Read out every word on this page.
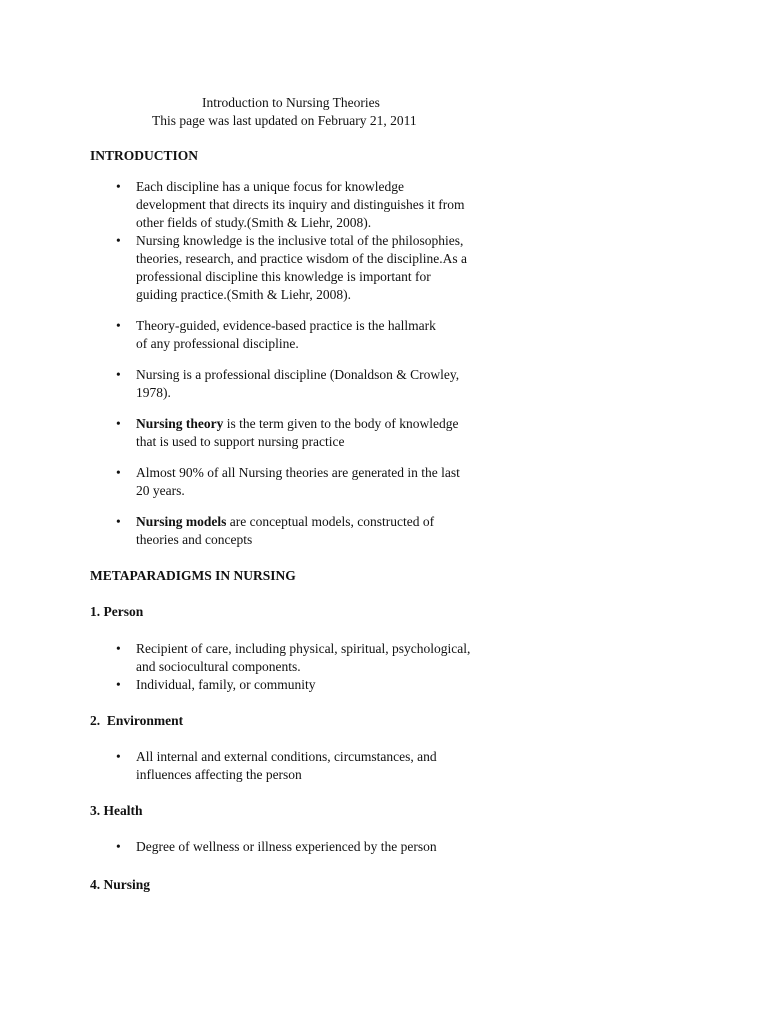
Introduction to Nursing Theories
This page was last updated on February 21, 2011
INTRODUCTION
• Each discipline has a unique focus for knowledge
development that directs its inquiry and distinguishes it from
other fields of study.(Smith & Liehr, 2008).
• Nursing knowledge is the inclusive total of the philosophies,
theories, research, and practice wisdom of the discipline.As a
professional discipline this knowledge is important for
guiding practice.(Smith & Liehr, 2008).
• Theory-guided, evidence-based practice is the hallmark
of any professional discipline.
• Nursing is a professional discipline (Donaldson & Crowley,
1978).
• Nursing theory is the term given to the body of knowledge
that is used to support nursing practice
• Almost 90% of all Nursing theories are generated in the last
20 years.
• Nursing models are conceptual models, constructed of
theories and concepts
METAPARADIGMS IN NURSING
1. Person
• Recipient of care, including physical, spiritual, psychological,
and sociocultural components.
• Individual, family, or community
2.  Environment
• All internal and external conditions, circumstances, and
influences affecting the person
3. Health
• Degree of wellness or illness experienced by the person
4. Nursing
